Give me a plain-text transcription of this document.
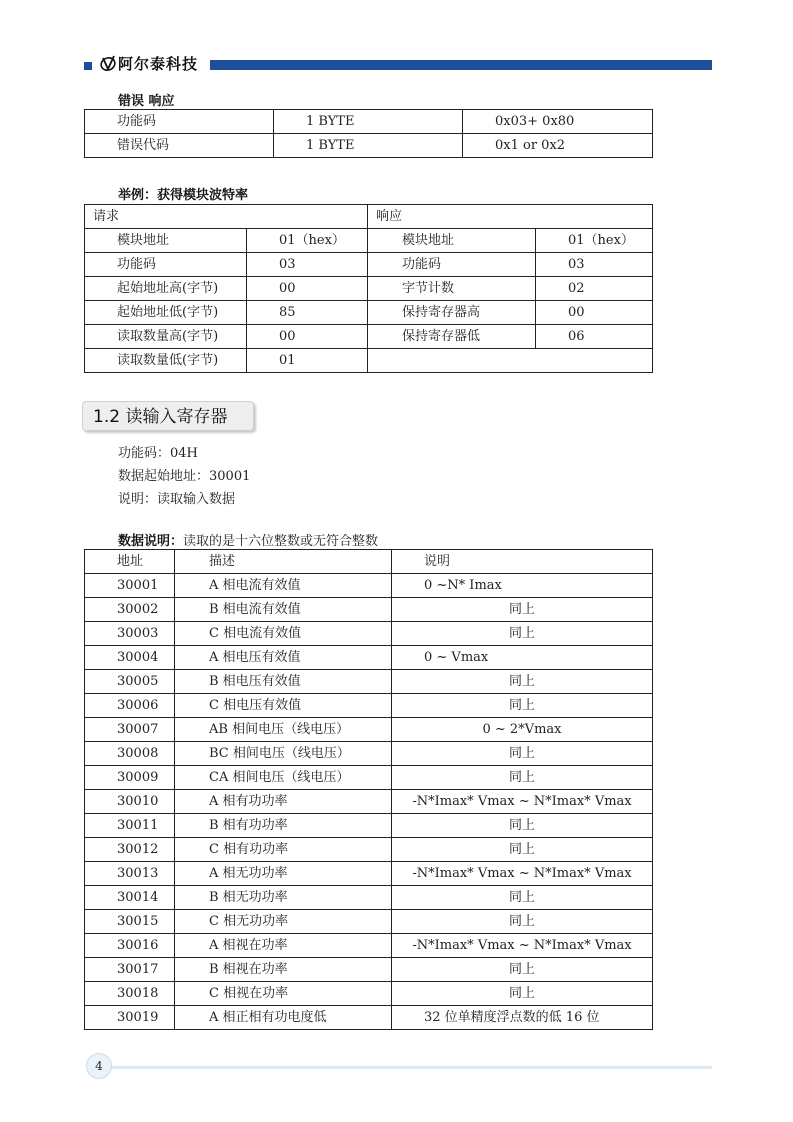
阿尔泰科技
错误 响应
功能码	1 BYTE	0x03+ 0x80
错误代码	1 BYTE	0x1 or 0x2
举例：获得模块波特率
请求		响应	
模块地址	01（hex）	模块地址	01（hex）
功能码	03	功能码	03
起始地址高(字节)	00	字节计数	02
起始地址低(字节)	85	保持寄存器高	00
读取数量高(字节)	00	保持寄存器低	06
读取数量低(字节)	01		
1.2 读输入寄存器
功能码：04H
数据起始地址：30001
说明：读取输入数据
数据说明：读取的是十六位整数或无符合整数
地址	描述	说明
30001	A 相电流有效值	0 ~N* Imax
30002	B 相电流有效值	同上
30003	C 相电流有效值	同上
30004	A 相电压有效值	0 ~ Vmax
30005	B 相电压有效值	同上
30006	C 相电压有效值	同上
30007	AB 相间电压（线电压）	0 ~ 2*Vmax
30008	BC 相间电压（线电压）	同上
30009	CA 相间电压（线电压）	同上
30010	A 相有功功率	-N*Imax* Vmax ~ N*Imax* Vmax
30011	B 相有功功率	同上
30012	C 相有功功率	同上
30013	A 相无功功率	-N*Imax* Vmax ~ N*Imax* Vmax
30014	B 相无功功率	同上
30015	C 相无功功率	同上
30016	A 相视在功率	-N*Imax* Vmax ~ N*Imax* Vmax
30017	B 相视在功率	同上
30018	C 相视在功率	同上
30019	A 相正相有功电度低	32 位单精度浮点数的低 16 位
4
